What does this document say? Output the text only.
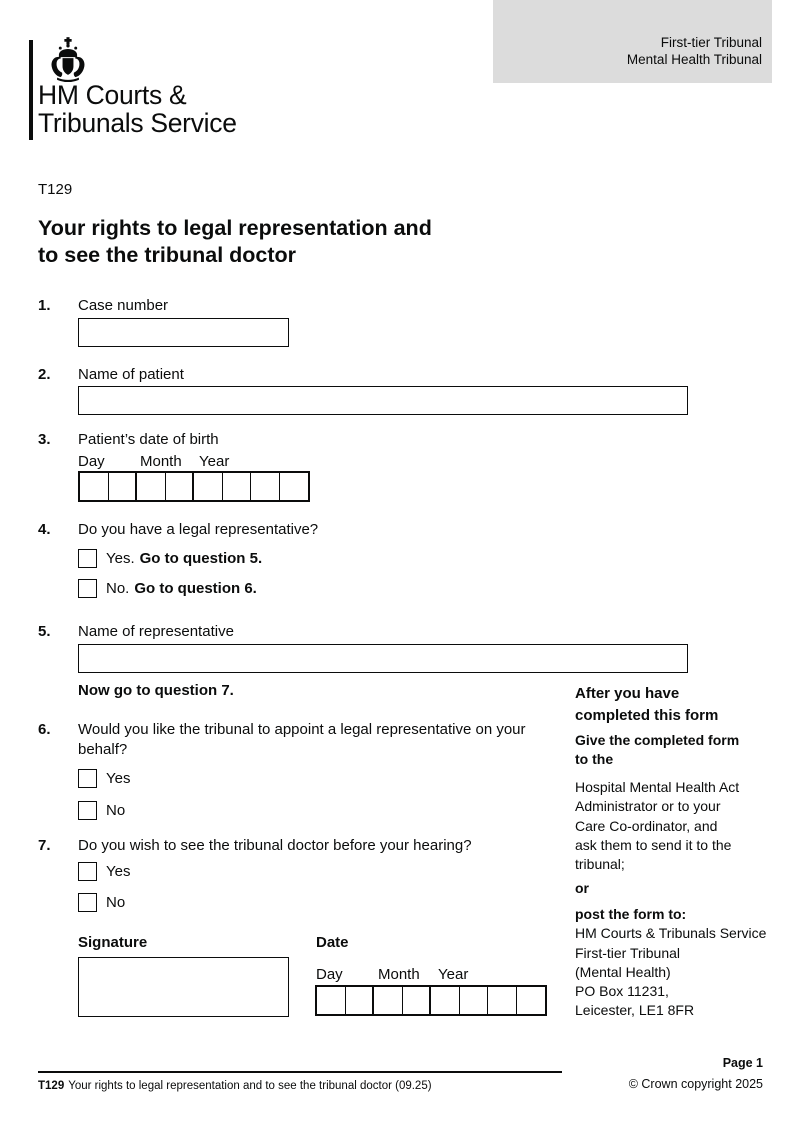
First-tier Tribunal
Mental Health Tribunal
HM Courts &
Tribunals Service
T129
Your rights to legal representation and
to see the tribunal doctor
1. Case number
2. Name of patient
3. Patient’s date of birth
Day Month Year
4. Do you have a legal representative?
Yes. Go to question 5.
No. Go to question 6.
5. Name of representative
Now go to question 7.
6. Would you like the tribunal to appoint a legal representative on your behalf?
Yes
No
7. Do you wish to see the tribunal doctor before your hearing?
Yes
No
Signature	Date
Day Month Year
After you have
completed this form
Give the completed form
to the
Hospital Mental Health Act
Administrator or to your
Care Co-ordinator, and
ask them to send it to the
tribunal;
or
post the form to:
HM Courts & Tribunals Service
First-tier Tribunal
(Mental Health)
PO Box 11231,
Leicester, LE1 8FR
T129 Your rights to legal representation and to see the tribunal doctor (09.25)
Page 1
© Crown copyright 2025
